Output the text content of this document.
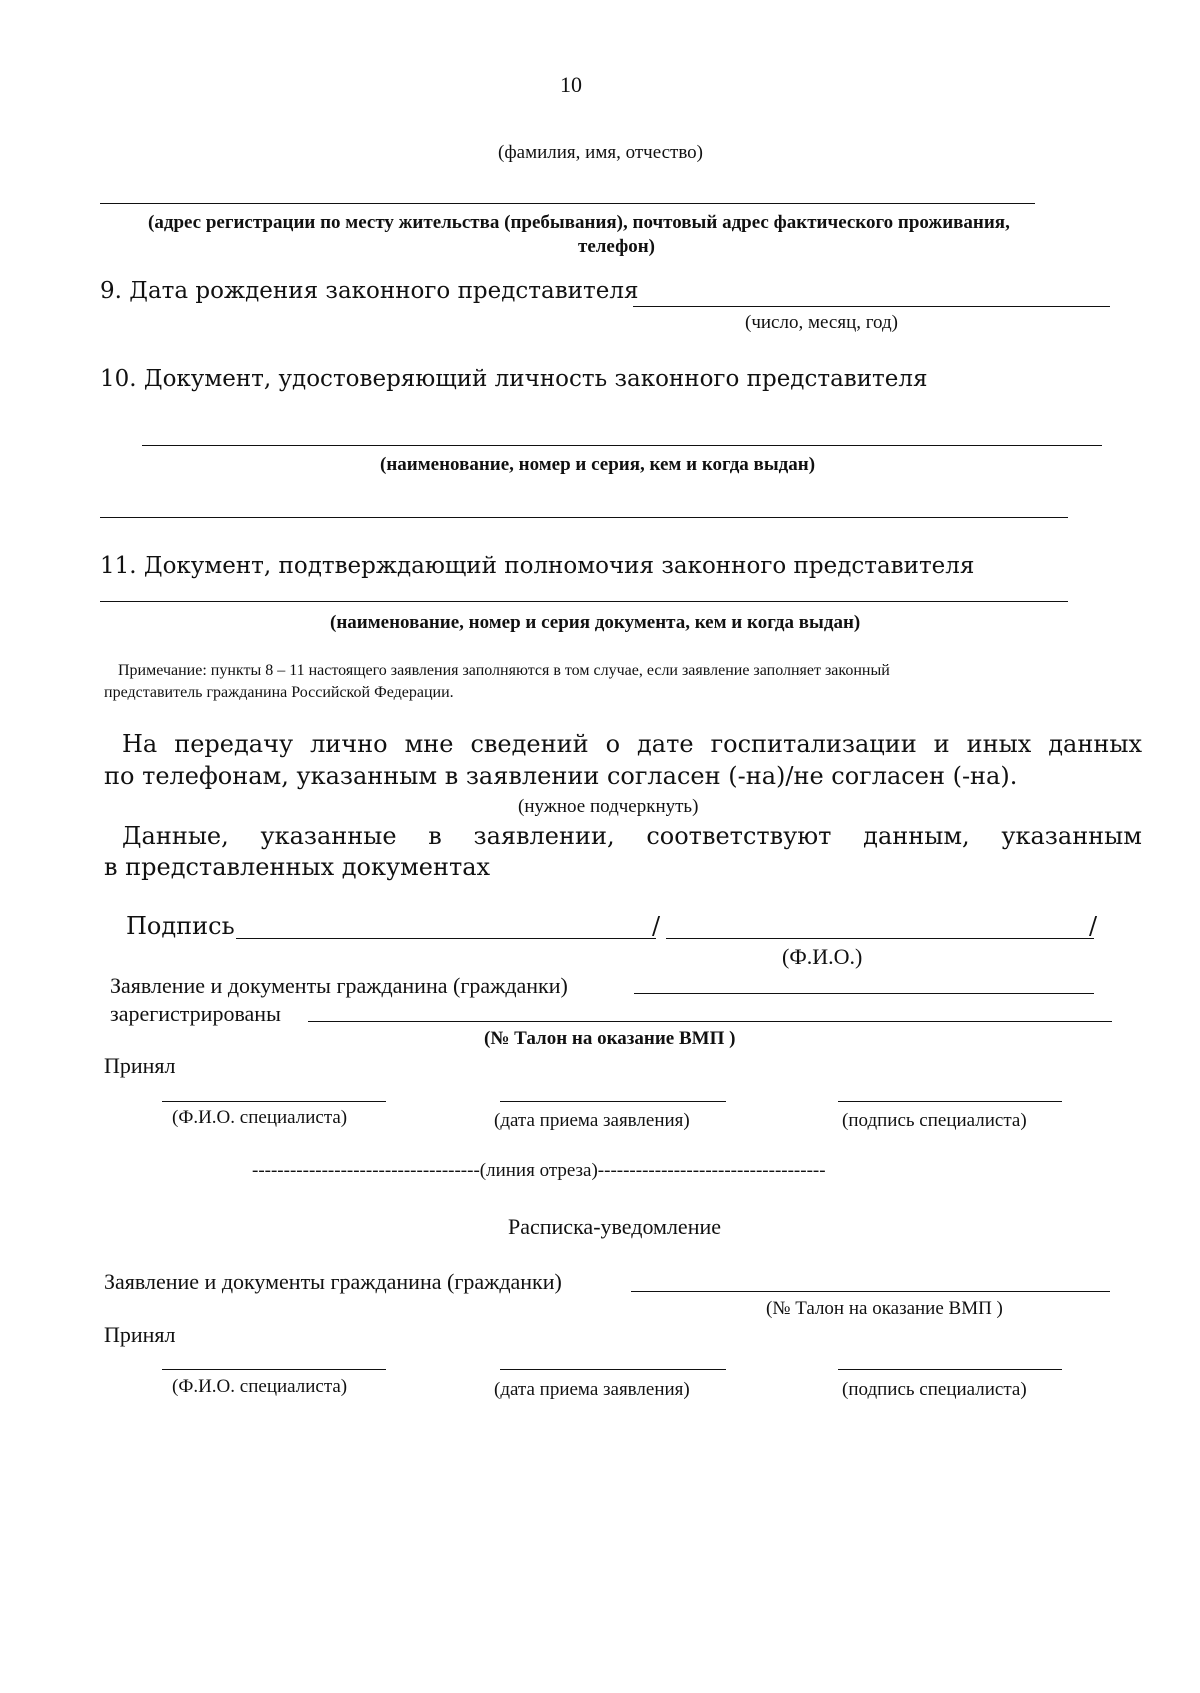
10
(фамилия, имя, отчество)
(адрес регистрации по месту жительства (пребывания), почтовый адрес фактического проживания,
телефон)
9. Дата рождения законного представителя
(число, месяц, год)
10. Документ, удостоверяющий личность законного представителя
(наименование, номер и серия, кем и когда выдан)
11. Документ, подтверждающий полномочия законного представителя
(наименование, номер и серия документа, кем и когда выдан)
Примечание: пункты 8 – 11 настоящего заявления заполняются в том случае, если заявление заполняет законный
представитель гражданина Российской Федерации.
На передачу лично мне сведений о дате госпитализации и иных данных
по телефонам, указанным в заявлении согласен (-на)/не согласен (-на).
(нужное подчеркнуть)
Данные, указанные в заявлении, соответствуют данным, указанным
в представленных документах
Подпись	/	/
(Ф.И.О.)
Заявление и документы гражданина (гражданки)
зарегистрированы
(№ Талон на оказание ВМП )
Принял
(Ф.И.О. специалиста)	(дата приема заявления)	(подпись специалиста)
------------------------------------(линия отреза)------------------------------------
Расписка-уведомление
Заявление и документы гражданина (гражданки)
(№ Талон на оказание ВМП )
Принял
(Ф.И.О. специалиста)	(дата приема заявления)	(подпись специалиста)
